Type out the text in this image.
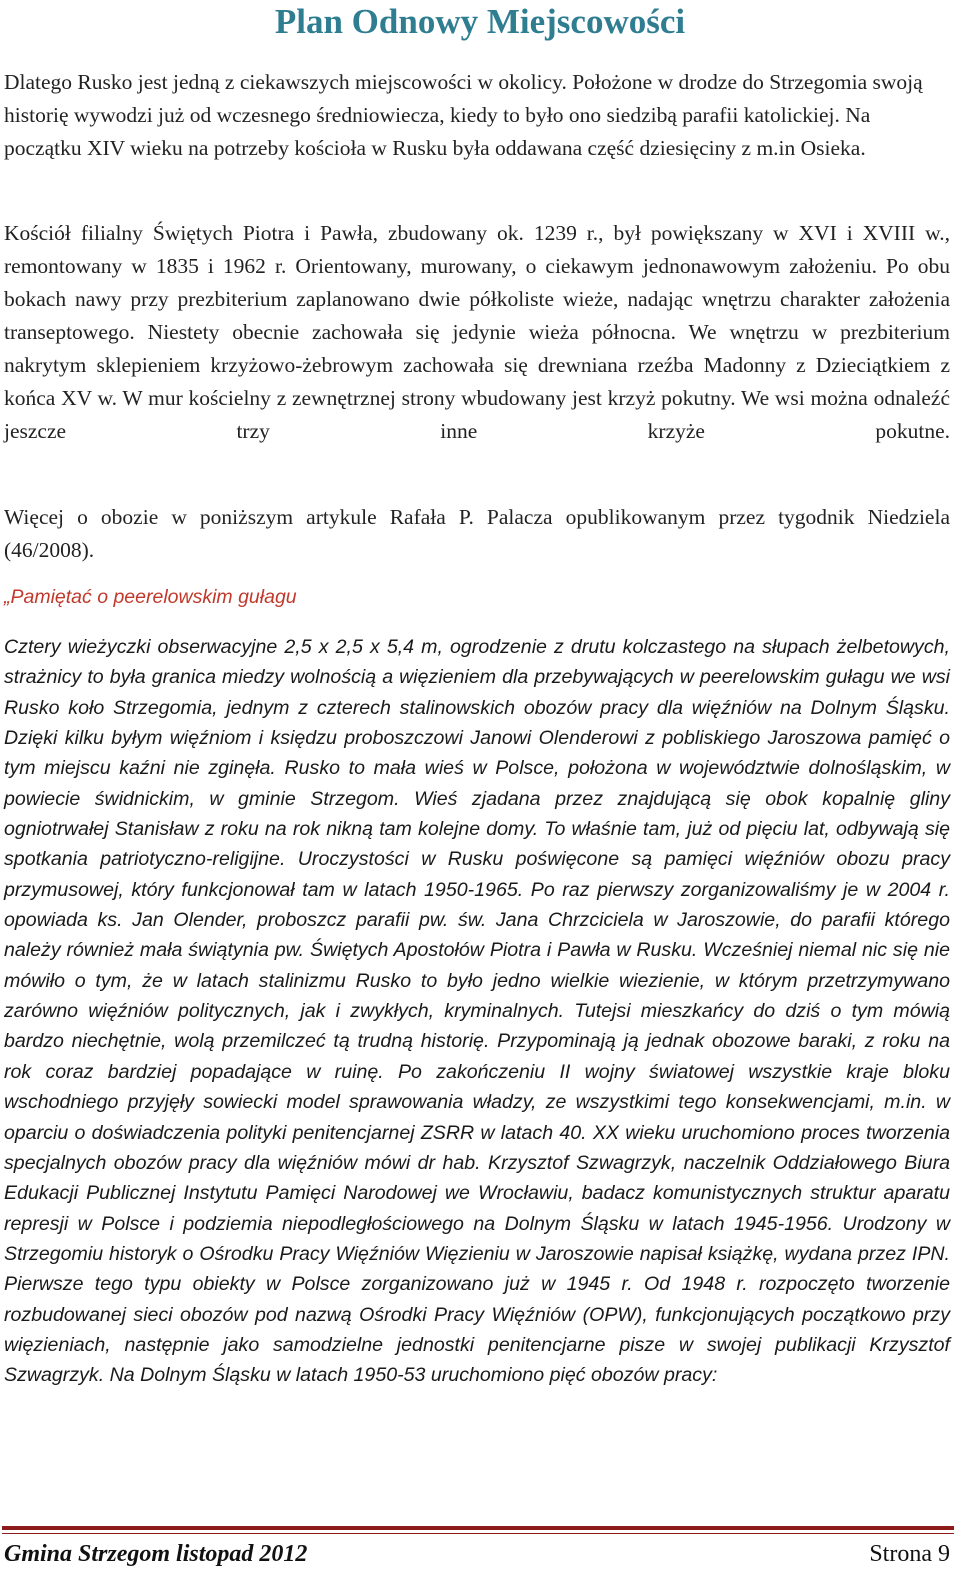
Plan Odnowy Miejscowości

Dlatego Rusko jest jedną z ciekawszych miejscowości w okolicy. Położone w drodze do Strzegomia swoją historię wywodzi już od wczesnego średniowiecza, kiedy to było ono siedzibą parafii katolickiej. Na początku XIV wieku na potrzeby kościoła w Rusku była oddawana część dziesięciny z m.in Osieka.

Kościół filialny Świętych Piotra i Pawła, zbudowany ok. 1239 r., był powiększany w XVI i XVIII w., remontowany w 1835 i 1962 r. Orientowany, murowany, o ciekawym jednonawowym założeniu. Po obu bokach nawy przy prezbiterium zaplanowano dwie półkoliste wieże, nadając wnętrzu charakter założenia transeptowego. Niestety obecnie zachowała się jedynie wieża północna. We wnętrzu w prezbiterium nakrytym sklepieniem krzyżowo-żebrowym zachowała się drewniana rzeźba Madonny z Dzieciątkiem z końca XV w. W mur kościelny z zewnętrznej strony wbudowany jest krzyż pokutny. We wsi można odnaleźć jeszcze trzy inne krzyże pokutne.

Więcej o obozie w poniższym artykule Rafała P. Palacza opublikowanym przez tygodnik Niedziela (46/2008).

„Pamiętać o peerelowskim gułagu

Cztery wieżyczki obserwacyjne 2,5 x 2,5 x 5,4 m, ogrodzenie z drutu kolczastego na słupach żelbetowych, strażnicy to była granica miedzy wolnością a więzieniem dla przebywających w peerelowskim gułagu we wsi Rusko koło Strzegomia, jednym z czterech stalinowskich obozów pracy dla więźniów na Dolnym Śląsku. Dzięki kilku byłym więźniom i księdzu proboszczowi Janowi Olenderowi z pobliskiego Jaroszowa pamięć o tym miejscu kaźni nie zginęła. Rusko to mała wieś w Polsce, położona w województwie dolnośląskim, w powiecie świdnickim, w gminie Strzegom. Wieś zjadana przez znajdującą się obok kopalnię gliny ogniotrwałej Stanisław z roku na rok nikną tam kolejne domy. To właśnie tam, już od pięciu lat, odbywają się spotkania patriotyczno-religijne. Uroczystości w Rusku poświęcone są pamięci więźniów obozu pracy przymusowej, który funkcjonował tam w latach 1950-1965. Po raz pierwszy zorganizowaliśmy je w 2004 r. opowiada ks. Jan Olender, proboszcz parafii pw. św. Jana Chrzciciela w Jaroszowie, do parafii którego należy również mała świątynia pw. Świętych Apostołów Piotra i Pawła w Rusku. Wcześniej niemal nic się nie mówiło o tym, że w latach stalinizmu Rusko to było jedno wielkie wiezienie, w którym przetrzymywano zarówno więźniów politycznych, jak i zwykłych, kryminalnych. Tutejsi mieszkańcy do dziś o tym mówią bardzo niechętnie, wolą przemilczeć tą trudną historię. Przypominają ją jednak obozowe baraki, z roku na rok coraz bardziej popadające w ruinę. Po zakończeniu II wojny światowej wszystkie kraje bloku wschodniego przyjęły sowiecki model sprawowania władzy, ze wszystkimi tego konsekwencjami, m.in. w oparciu o doświadczenia polityki penitencjarnej ZSRR w latach 40. XX wieku uruchomiono proces tworzenia specjalnych obozów pracy dla więźniów mówi dr hab. Krzysztof Szwagrzyk, naczelnik Oddziałowego Biura Edukacji Publicznej Instytutu Pamięci Narodowej we Wrocławiu, badacz komunistycznych struktur aparatu represji w Polsce i podziemia niepodległościowego na Dolnym Śląsku w latach 1945-1956. Urodzony w Strzegomiu historyk o Ośrodku Pracy Więźniów Więzieniu w Jaroszowie napisał książkę, wydana przez IPN. Pierwsze tego typu obiekty w Polsce zorganizowano już w 1945 r. Od 1948 r. rozpoczęto tworzenie rozbudowanej sieci obozów pod nazwą Ośrodki Pracy Więźniów (OPW), funkcjonujących początkowo przy więzieniach, następnie jako samodzielne jednostki penitencjarne pisze w swojej publikacji Krzysztof Szwagrzyk. Na Dolnym Śląsku w latach 1950-53 uruchomiono pięć obozów pracy:

Gmina Strzegom listopad 2012	Strona 9
